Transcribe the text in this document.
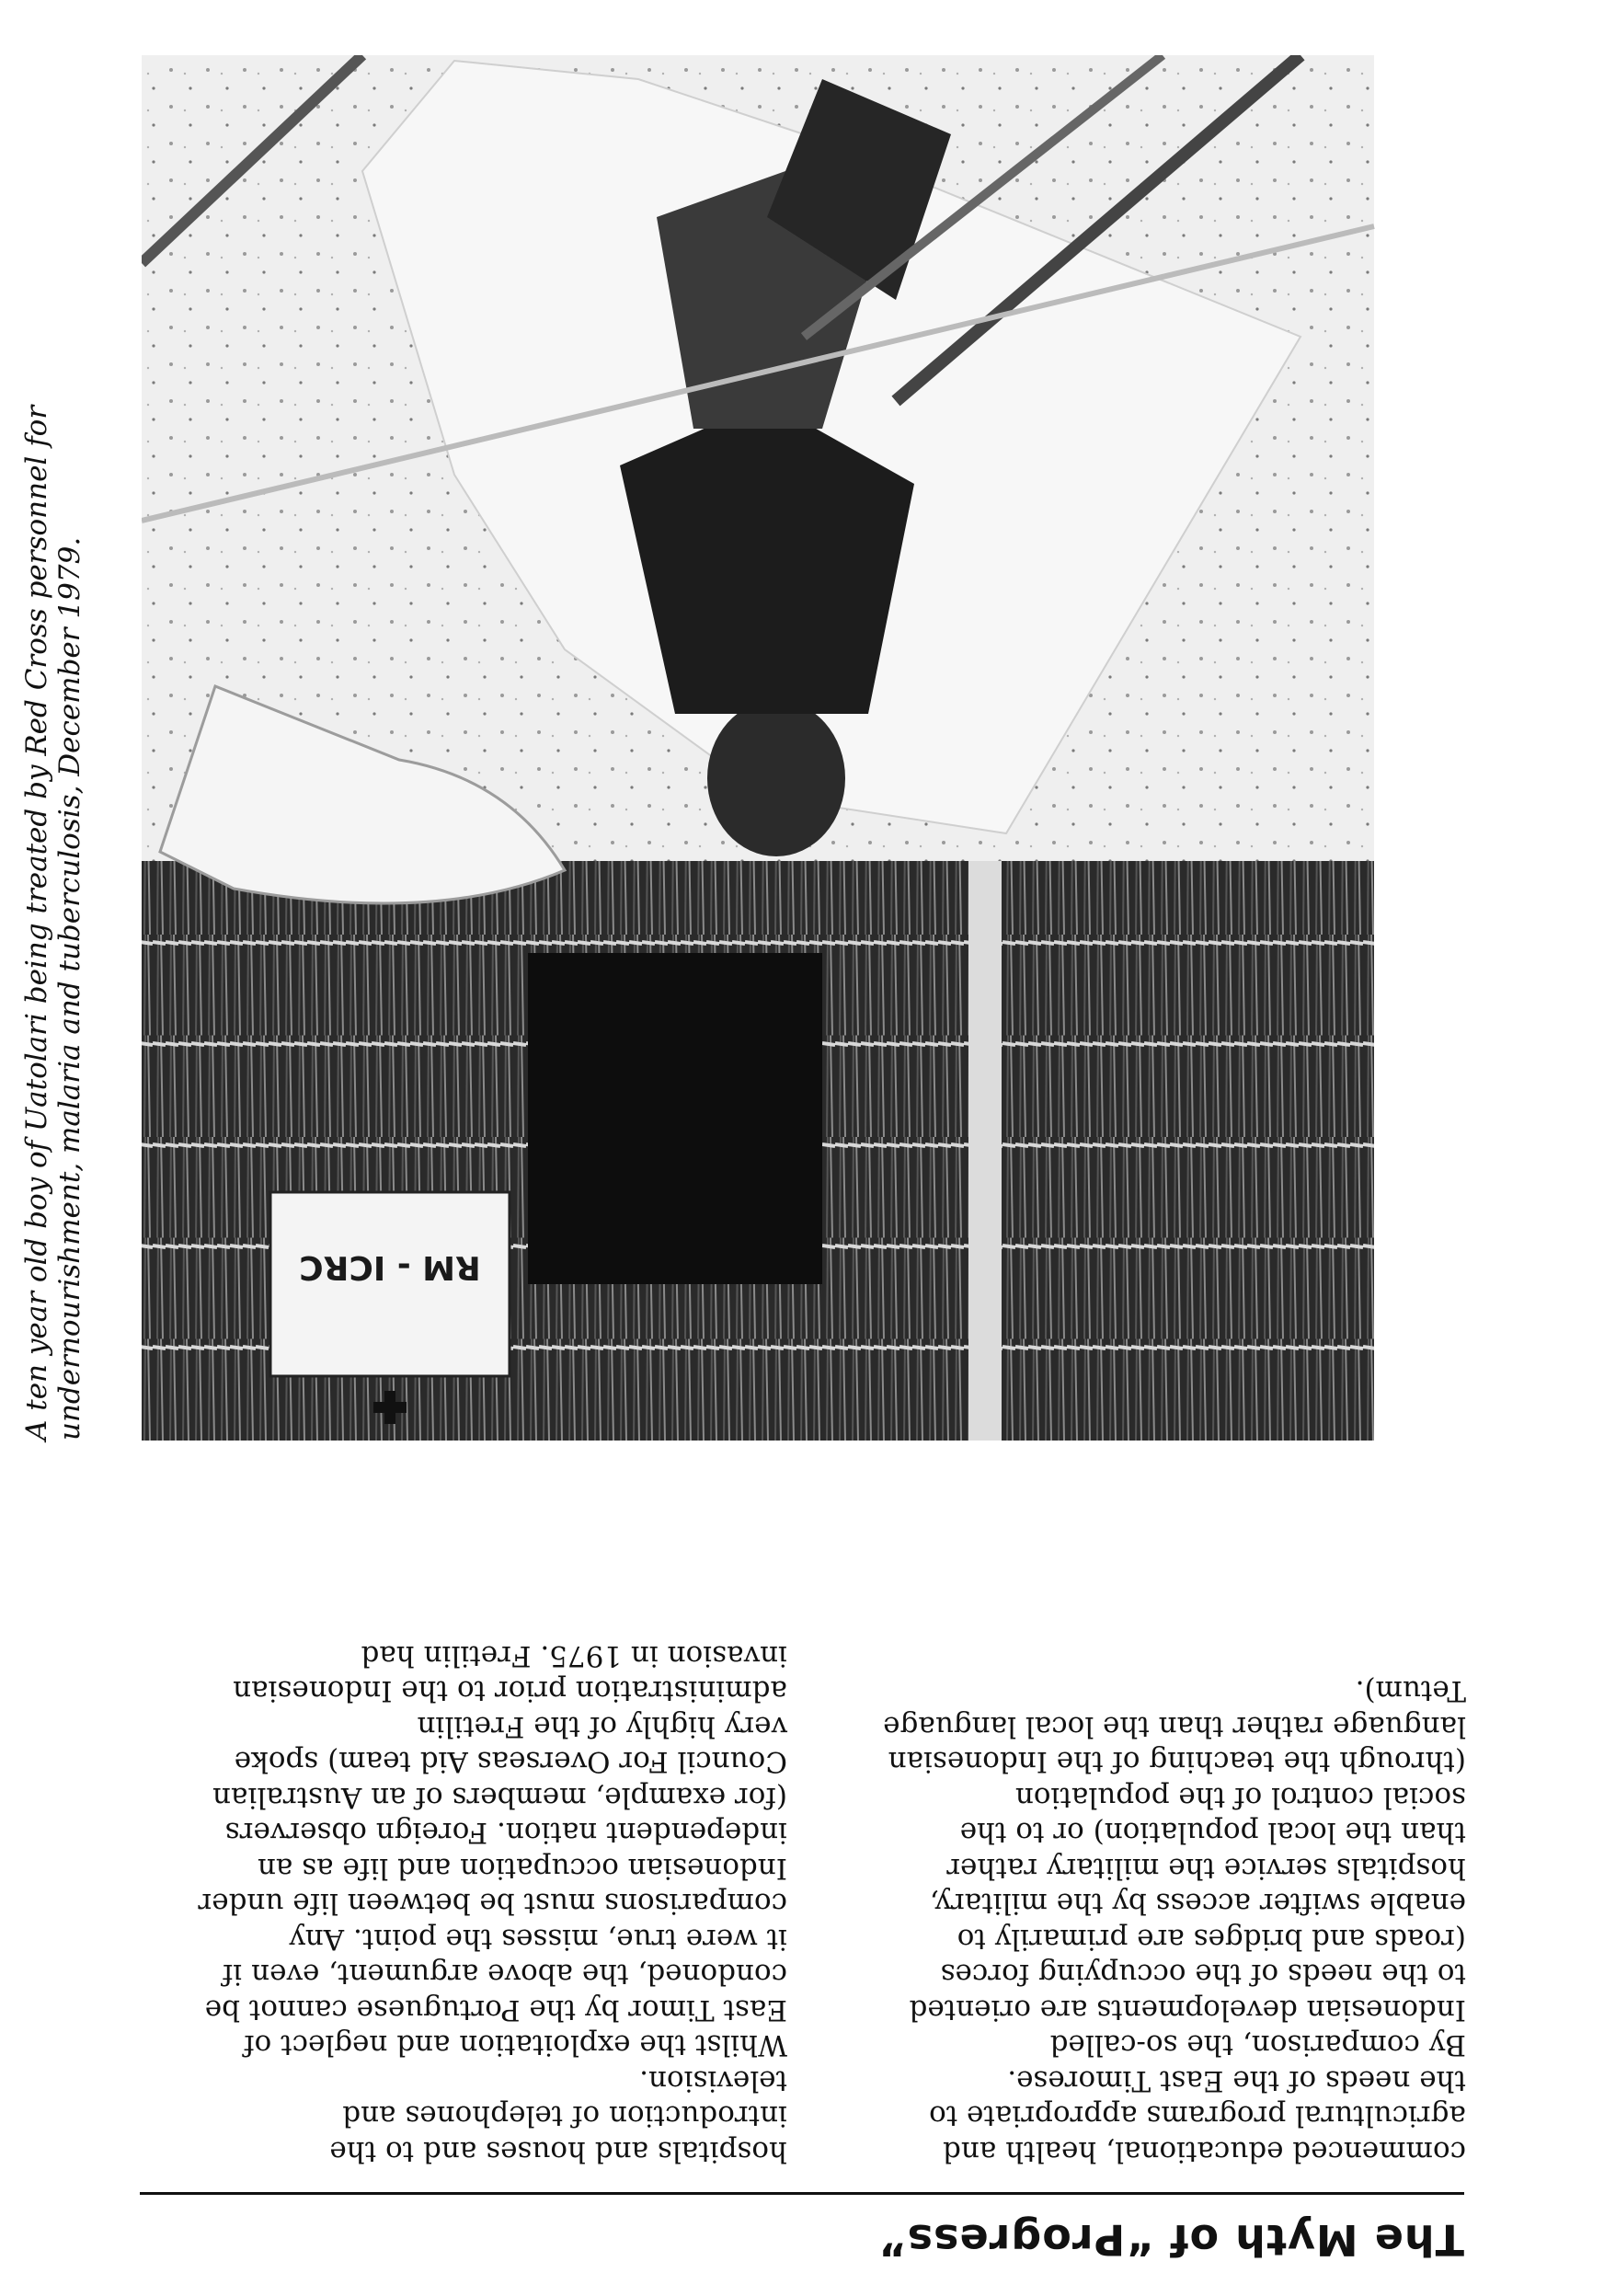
The Myth of “Progress”

commenced educational, health and
agricultural programs appropriate to
the needs of the East Timorese.
By comparison, the so-called
Indonesian developments are oriented
to the needs of the occupying forces
(roads and bridges are primarily to
enable swifter access by the military,
hospitals service the military rather
than the local population) or to the
social control of the population
(through the teaching of the Indonesian
language rather than the local language
Tetum).

hospitals and houses and to the
introduction of telephones and
television.
Whilst the exploitation and neglect of
East Timor by the Portuguese cannot be
condoned, the above argument, even if
it were true, misses the point. Any
comparisons must be between life under
Indonesian occupation and life as an
independent nation. Foreign observers
(for example, members of an Australian
Council For Overseas Aid team) spoke
very highly of the Fretilin
administration prior to the Indonesian
invasion in 1975. Fretilin had

RM - ICRC

A ten year old boy of Uatolari being treated by Red Cross personnel for
undernourishment, malaria and tuberculosis, December 1979.
